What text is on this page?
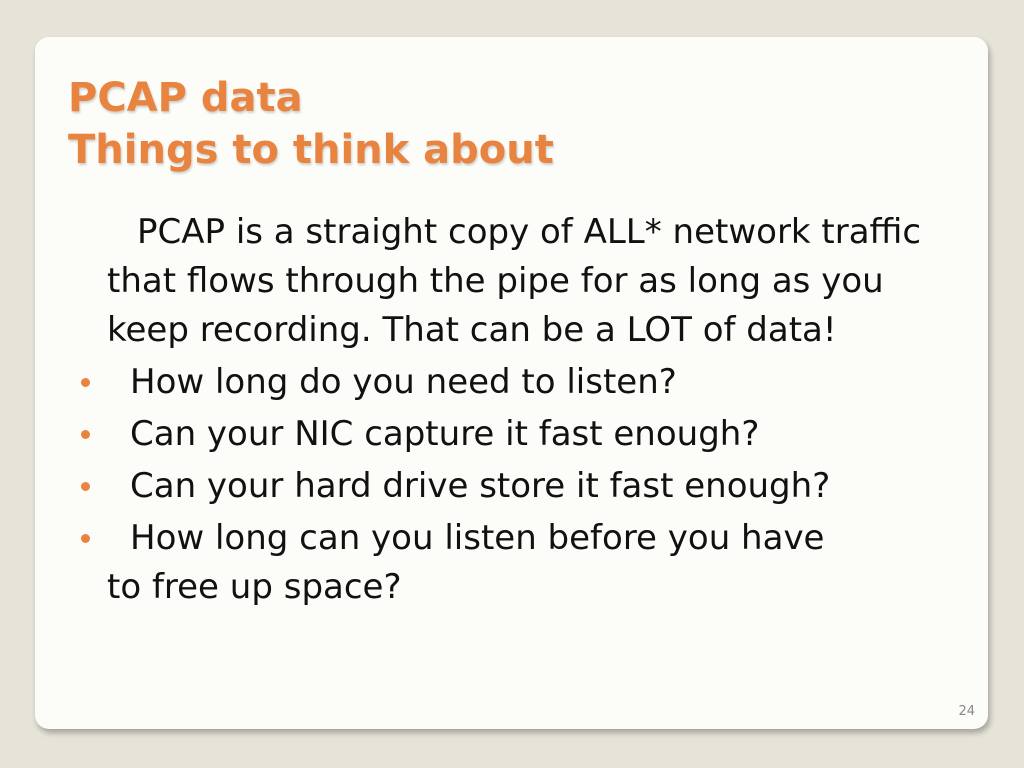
PCAP data
Things to think about

PCAP is a straight copy of ALL* network traffic that flows through the pipe for as long as you keep recording. That can be a LOT of data!

How long do you need to listen?
Can your NIC capture it fast enough?
Can your hard drive store it fast enough?
How long can you listen before you have
to free up space?
24
